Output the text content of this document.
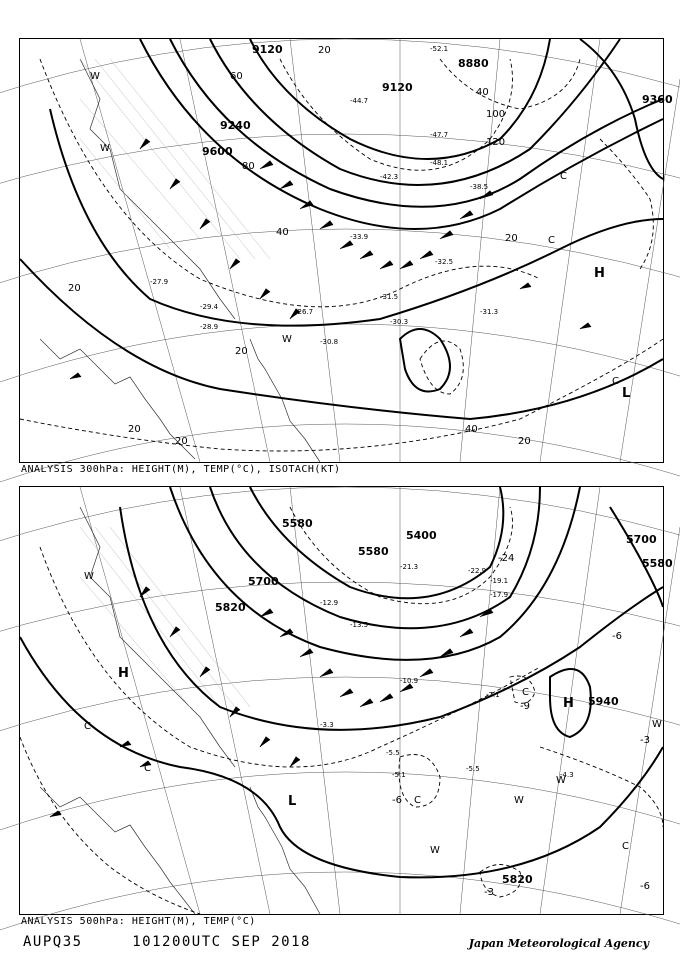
9120
8880
9360
9240
9600
9120
H
L
20
40
60
80
100
120
20
40
20
20
40
20
20	20
-31.3
-30.3
-29.4
-27.9
-26.7
-33.9
-31.5
-32.5
-44.7
-42.3
-47.7
-48.1
-52.1
-38.5
-30.8
-28.9
W
W
W
C
C
C
ANALYSIS 300hPa: HEIGHT(M), TEMP(°C), ISOTACH(KT)
5580
5400
5580
5700
5820
5700
5580
5940
5820
H
H
L
-24
-6
-9
-3
-6
-3
-6
-5.5
-5.1
-5.5
-7.1
-10.9
-13.5
-12.9
-17.9
-19.1
-21.3	-22.9
-4.3
-3.3
W
C
C
C	W
W
W
W
C
C
ANALYSIS 500hPa: HEIGHT(M), TEMP(°C)
AUPQ35	101200UTC SEP 2018	Japan Meteorological Agency
